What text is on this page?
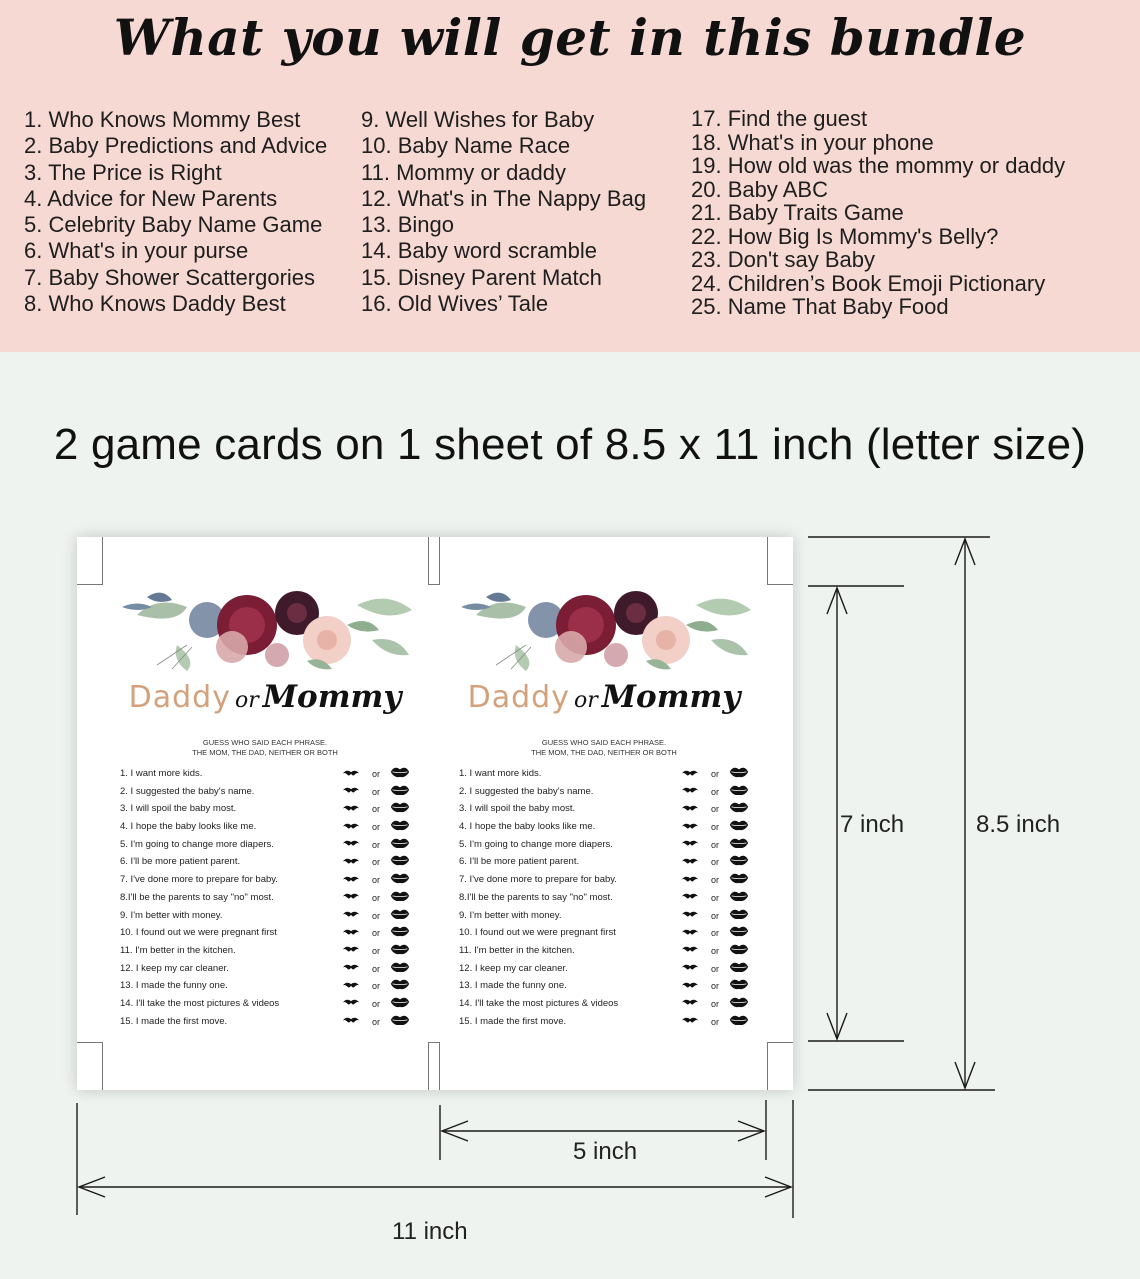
What you will get in this bundle
1. Who Knows Mommy Best
2. Baby Predictions and Advice
3. The Price is Right
4. Advice for New Parents
5. Celebrity Baby Name Game
6. What's in your purse
7. Baby Shower Scattergories
8. Who Knows Daddy Best
9. Well Wishes for Baby
10. Baby Name Race
11. Mommy or daddy
12. What's in The Nappy Bag
13. Bingo
14. Baby word scramble
15. Disney Parent Match
16. Old Wives’ Tale
17. Find the guest
18. What's in your phone
19. How old was the mommy or daddy
20. Baby ABC
21. Baby Traits Game
22. How Big Is Mommy's Belly?
23. Don't say Baby
24. Children’s Book Emoji Pictionary
25. Name That Baby Food
2 game cards on 1 sheet of 8.5 x 11 inch (letter size)
Daddy or Mommy
GUESS WHO SAID EACH PHRASE.
THE MOM, THE DAD, NEITHER OR BOTH
1. I want more kids.	or
2. I suggested the baby's name.	or
3. I will spoil the baby most.	or
4. I hope the baby looks like me.	or
5. I'm going to change more diapers.	or
6. I'll be more patient parent.	or
7. I've done more to prepare for baby.	or
8.I'll be the parents to say "no" most.	or
9. I'm better with money.	or
10. I found out we were pregnant first	or
11. I'm better in the kitchen.	or
12. I keep my car cleaner.	or
13. I made the funny one.	or
14. I'll take the most pictures & videos	or
15. I made the first move.	or
Daddy or Mommy
GUESS WHO SAID EACH PHRASE.
THE MOM, THE DAD, NEITHER OR BOTH
1. I want more kids.	or
2. I suggested the baby's name.	or
3. I will spoil the baby most.	or
4. I hope the baby looks like me.	or
5. I'm going to change more diapers.	or
6. I'll be more patient parent.	or
7. I've done more to prepare for baby.	or
8.I'll be the parents to say "no" most.	or
9. I'm better with money.	or
10. I found out we were pregnant first	or
11. I'm better in the kitchen.	or
12. I keep my car cleaner.	or
13. I made the funny one.	or
14. I'll take the most pictures & videos	or
15. I made the first move.	or
7 inch	8.5 inch
5 inch
11 inch
